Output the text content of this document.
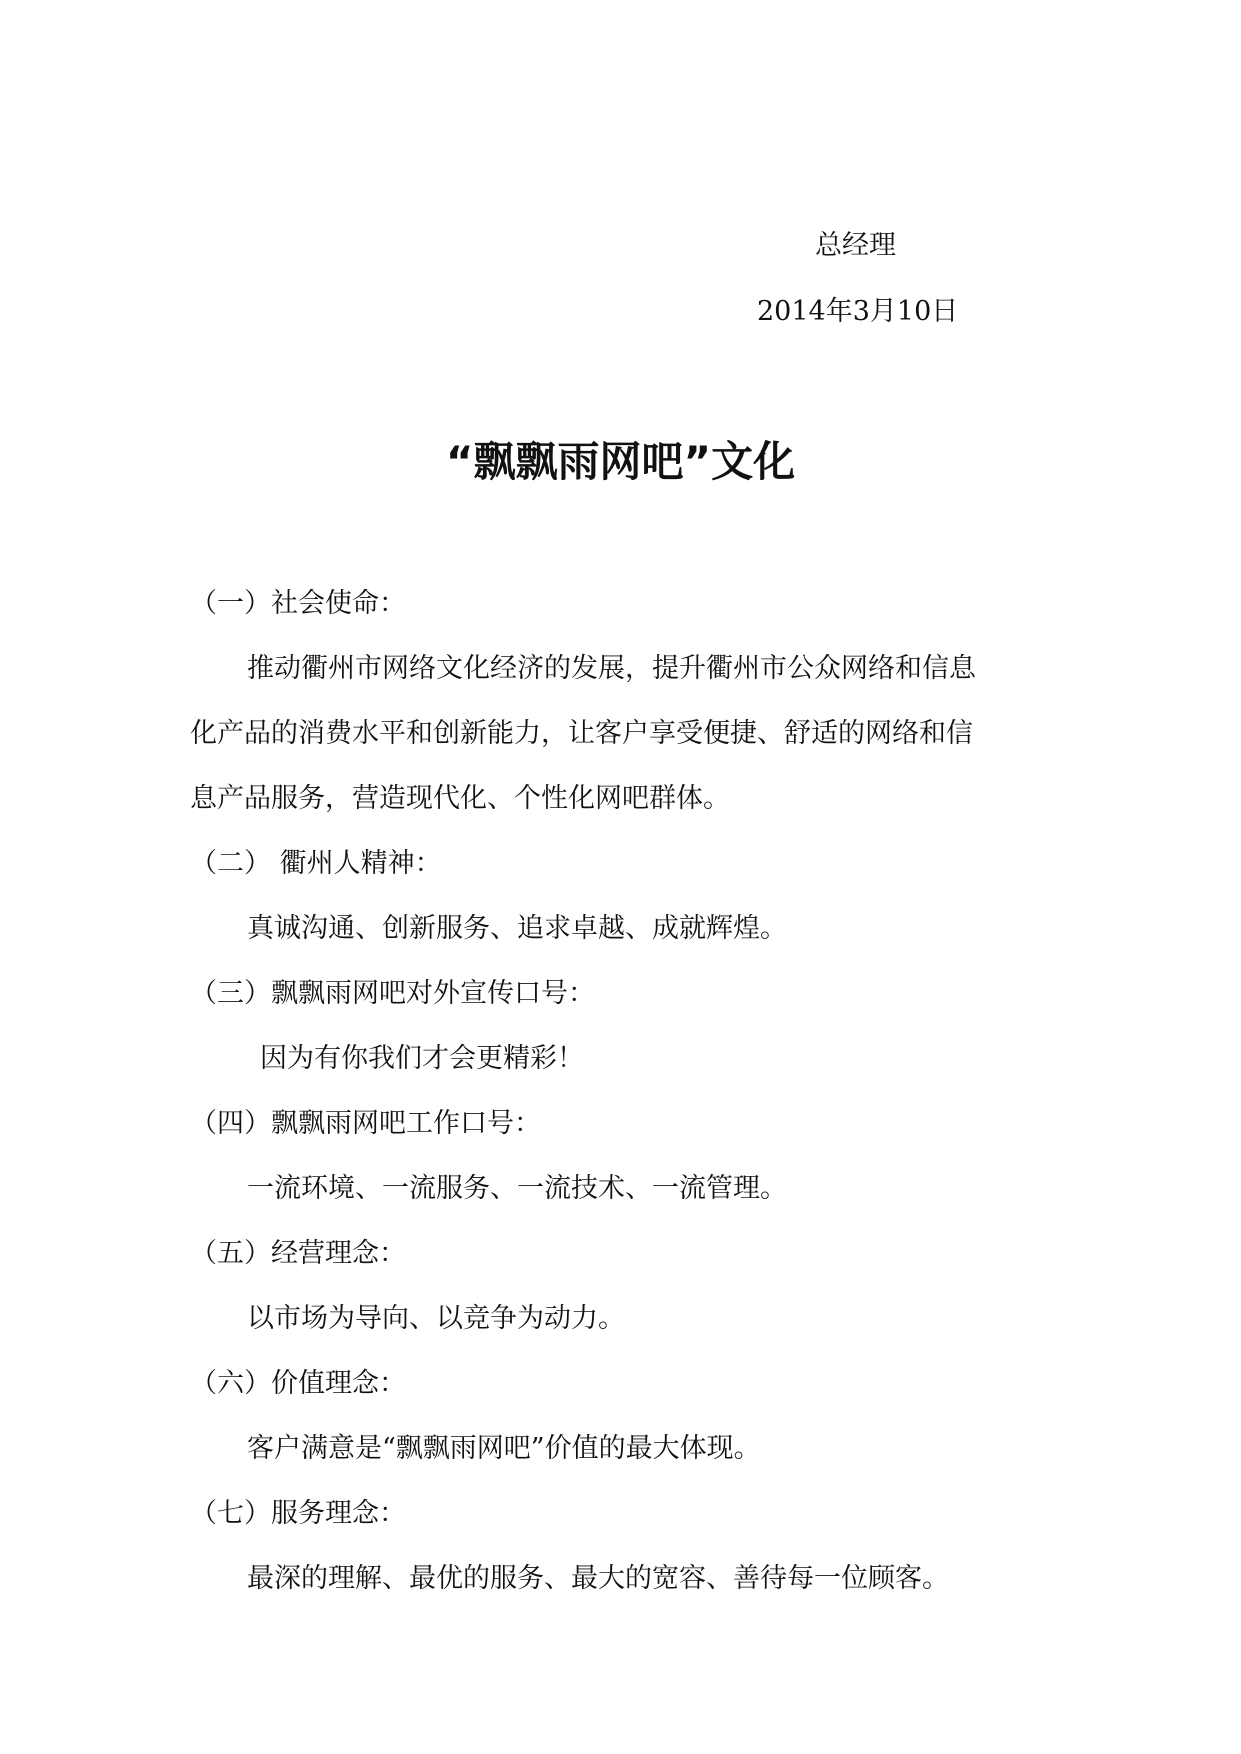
总经理
2014年3月10日
“飘飘雨网吧”文化
（一）社会使命：
推动衢州市网络文化经济的发展，提升衢州市公众网络和信息
化产品的消费水平和创新能力，让客户享受便捷、舒适的网络和信
息产品服务，营造现代化、个性化网吧群体。
（二） 衢州人精神：
真诚沟通、创新服务、追求卓越、成就辉煌。
（三）飘飘雨网吧对外宣传口号：
因为有你我们才会更精彩！
（四）飘飘雨网吧工作口号：
一流环境、一流服务、一流技术、一流管理。
（五）经营理念：
以市场为导向、以竞争为动力。
（六）价值理念：
客户满意是“飘飘雨网吧”价值的最大体现。
（七）服务理念：
最深的理解、最优的服务、最大的宽容、善待每一位顾客。
